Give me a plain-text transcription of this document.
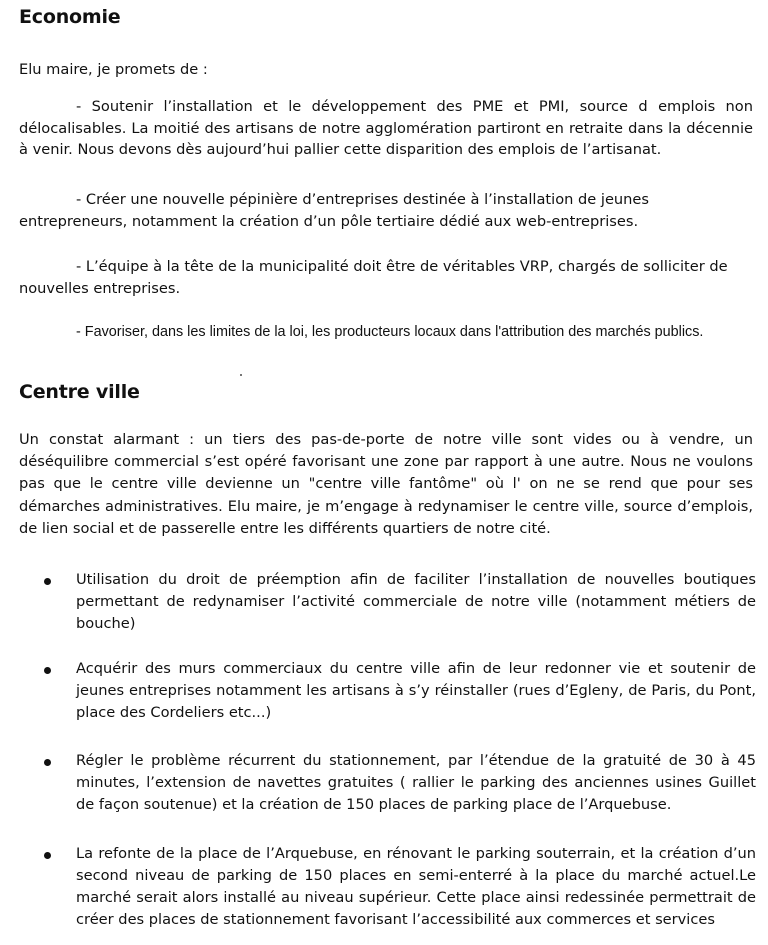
Economie

Elu maire, je promets de :

- Soutenir l’installation et le développement des PME et PMI, source d emplois non délocalisables. La moitié des artisans de notre agglomération partiront en retraite dans la décennie à venir. Nous devons dès aujourd’hui pallier cette disparition des emplois de l’artisanat.

- Créer une nouvelle pépinière d’entreprises destinée à l’installation de jeunes entrepreneurs, notamment la création d’un pôle tertiaire dédié aux web-entreprises.

- L’équipe à la tête de la municipalité doit être de véritables VRP, chargés de solliciter de nouvelles entreprises.

- Favoriser, dans les limites de la loi, les producteurs locaux dans l'attribution des marchés publics.

Centre ville

Un constat alarmant : un tiers des pas-de-porte de notre ville sont vides ou à vendre, un déséquilibre commercial s’est opéré favorisant une zone par rapport à une autre. Nous ne voulons pas que le centre ville devienne un "centre ville fantôme" où l' on ne se rend que pour ses démarches administratives. Elu maire, je m’engage à redynamiser le centre ville, source d’emplois, de lien social et de passerelle entre les différents quartiers de notre cité.

Utilisation du droit de préemption afin de faciliter l’installation de nouvelles boutiques permettant de redynamiser l’activité commerciale de notre ville (notamment métiers de bouche)
Acquérir des murs commerciaux du centre ville afin de leur redonner vie et soutenir de jeunes entreprises notamment les artisans à s’y réinstaller (rues d’Egleny, de Paris, du Pont, place des Cordeliers etc...)
Régler le problème récurrent du stationnement, par l’étendue de la gratuité de 30 à 45 minutes, l’extension de navettes gratuites ( rallier le parking des anciennes usines Guillet de façon soutenue) et la création de 150 places de parking place de l’Arquebuse.
La refonte de la place de l’Arquebuse, en rénovant le parking souterrain, et la création d’un second niveau de parking de 150 places en semi-enterré à la place du marché actuel.Le marché serait alors installé au niveau supérieur. Cette place ainsi redessinée permettrait de créer des places de stationnement favorisant l’accessibilité aux commerces et services
